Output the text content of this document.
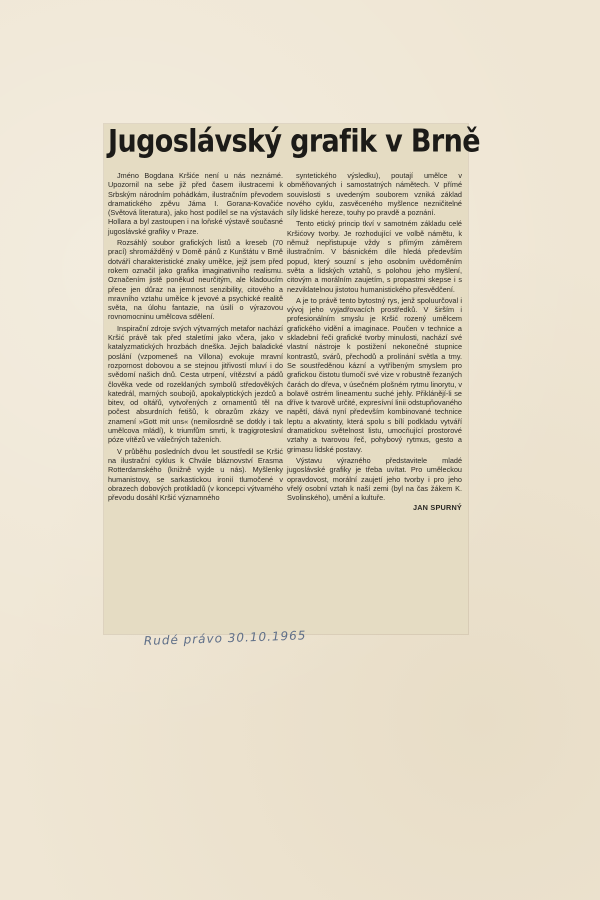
Jugoslávský grafik v Brně

Jméno Bogdana Kršiće není u nás neznámé. Upozornil na sebe již před časem ilustracemi k Srbským národním pohádkám, ilustračním převodem dramatického zpěvu Jáma I. Gorana-Kovačiće (Světová literatura), jako host podílel se na výstavách Hollara a byl zastoupen i na loňské výstavě současné jugoslávské grafiky v Praze.

Rozsáhlý soubor grafických listů a kreseb (70 prací) shromážděný v Domě pánů z Kunštátu v Brně dotváří charakteristické znaky umělce, jejž jsem před rokem označil jako grafika imaginativního realismu. Označením jistě poněkud neurčitým, ale kladoucím přece jen důraz na jemnost senzibility, citového a mravního vztahu umělce k jevové a psychické realitě světa, na úlohu fantazie, na úsilí o výrazovou rovnomocninu umělcova sdělení.

Inspirační zdroje svých výtvarných metafor nachází Kršić právě tak před staletími jako včera, jako v katalyzmatických hrozbách dneška. Jejich baladické poslání (vzpomeneš na Villona) evokuje mravní rozpornost dobovou a se stejnou jitřivostí mluví i do svědomí našich dnů. Cesta utrpení, vítězství a pádů člověka vede od rozeklaných symbolů středověkých katedrál, marných soubojů, apokalyptických jezdců a bitev, od oltářů, vytvořených z ornamentů těl na počest absurdních fetišů, k obrazům zkázy ve znamení »Gott mit uns« (nemilosrdně se dotkly i tak umělcova mládí), k triumfům smrti, k tragigroteskní póze vítězů ve válečných taženích.

V průběhu posledních dvou let soustředil se Kršić na ilustrační cyklus k Chvále bláznovství Erasma Rotterdamského (knižně vyjde u nás). Myšlenky humanistovy, se sarkastickou ironií tlumočené v obrazech dobových protikladů (v koncepci výtvarného převodu dosáhl Kršić významného

syntetického výsledku), poutají umělce v obměňovaných i samostatných námětech. V přímé souvislosti s uvedeným souborem vzniká základ nového cyklu, zasvěceného myšlence nezničitelné síly lidské hereze, touhy po pravdě a poznání.

Tento etický princip tkví v samotném základu celé Kršićovy tvorby. Je rozhodující ve volbě námětu, k němuž nepřistupuje vždy s přímým záměrem ilustračním. V básnickém díle hledá především popud, který souzní s jeho osobním uvědoměním světa a lidských vztahů, s polohou jeho myšlení, citovým a morálním zaujetím, s propastmi skepse i s nezviklatelnou jistotou humanistického přesvědčení.

A je to právě tento bytostný rys, jenž spoluurčoval i vývoj jeho vyjadřovacích prostředků. V širším i profesionálním smyslu je Kršić rozený umělcem grafického vidění a imaginace. Poučen v technice a skladební řeči grafické tvorby minulosti, nachází své vlastní nástroje k postižení nekonečné stupnice kontrastů, svárů, přechodů a prolínání světla a tmy. Se soustředěnou kázní a vytříbeným smyslem pro grafickou čistotu tlumočí své vize v robustně řezaných čarách do dřeva, v úsečném plošném rytmu linorytu, v bolavě ostrém lineamentu suché jehly. Přiklánějí-li se dříve k tvarově určité, expresívní linii odstupňovaného napětí, dává nyní především kombinované technice leptu a akvatinty, která spolu s bílí podkladu vytváří dramatickou světelnost listu, umocňující prostorové vztahy a tvarovou řeč, pohybový rytmus, gesto a grimasu lidské postavy.

Výstavu výrazného představitele mladé jugoslávské grafiky je třeba uvítat. Pro uměleckou opravdovost, morální zaujetí jeho tvorby i pro jeho vřelý osobní vztah k naší zemi (byl na čas žákem K. Svolinského), umění a kultuře.

JAN SPURNÝ

Rudé právo 30.10.1965
